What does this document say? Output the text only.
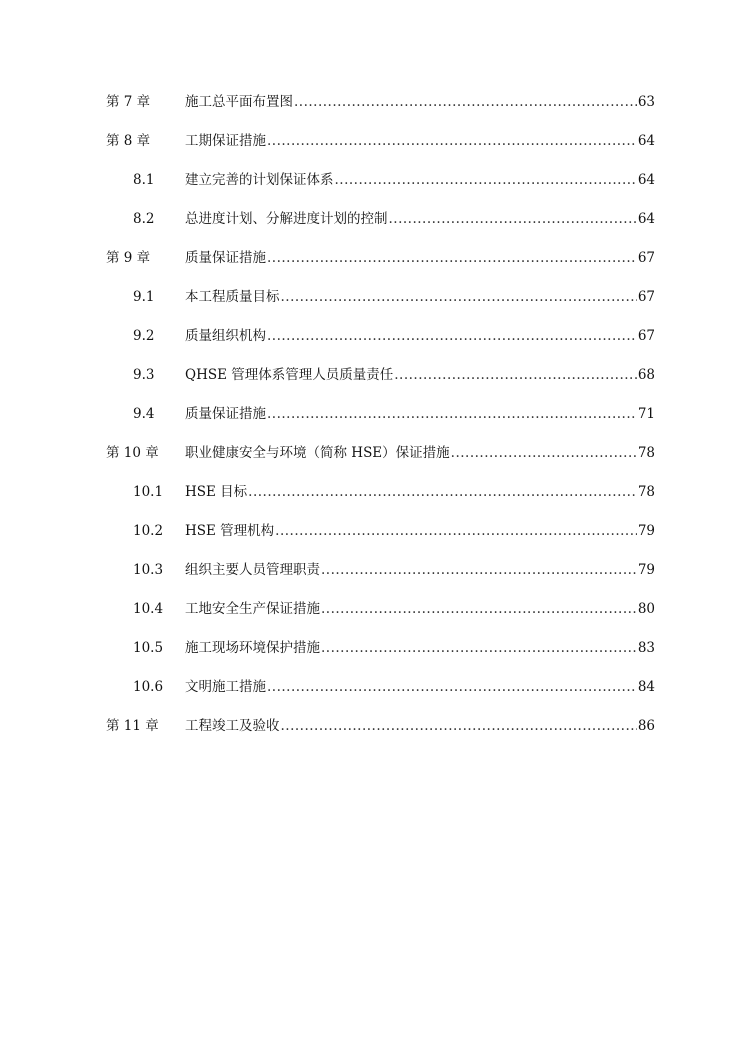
第 7 章	施工总平面布置图 .....	63
第 8 章	工期保证措施 .....	64
8.1 建立完善的计划保证体系 .....	64
8.2 总进度计划、分解进度计划的控制 .....	64
第 9 章	质量保证措施 .....	67
9.1 本工程质量目标 .....	67
9.2 质量组织机构 .....	67
9.3 QHSE 管理体系管理人员质量责任 .....	68
9.4 质量保证措施 .....	71
第 10 章 职业健康安全与环境（简称 HSE）保证措施 .....	78
10.1 HSE 目标 .....	78
10.2 HSE 管理机构 .....	79
10.3 组织主要人员管理职责 .....	79
10.4 工地安全生产保证措施 .....	80
10.5 施工现场环境保护措施 .....	83
10.6 文明施工措施 .....	84
第 11 章 工程竣工及验收 .....	86
